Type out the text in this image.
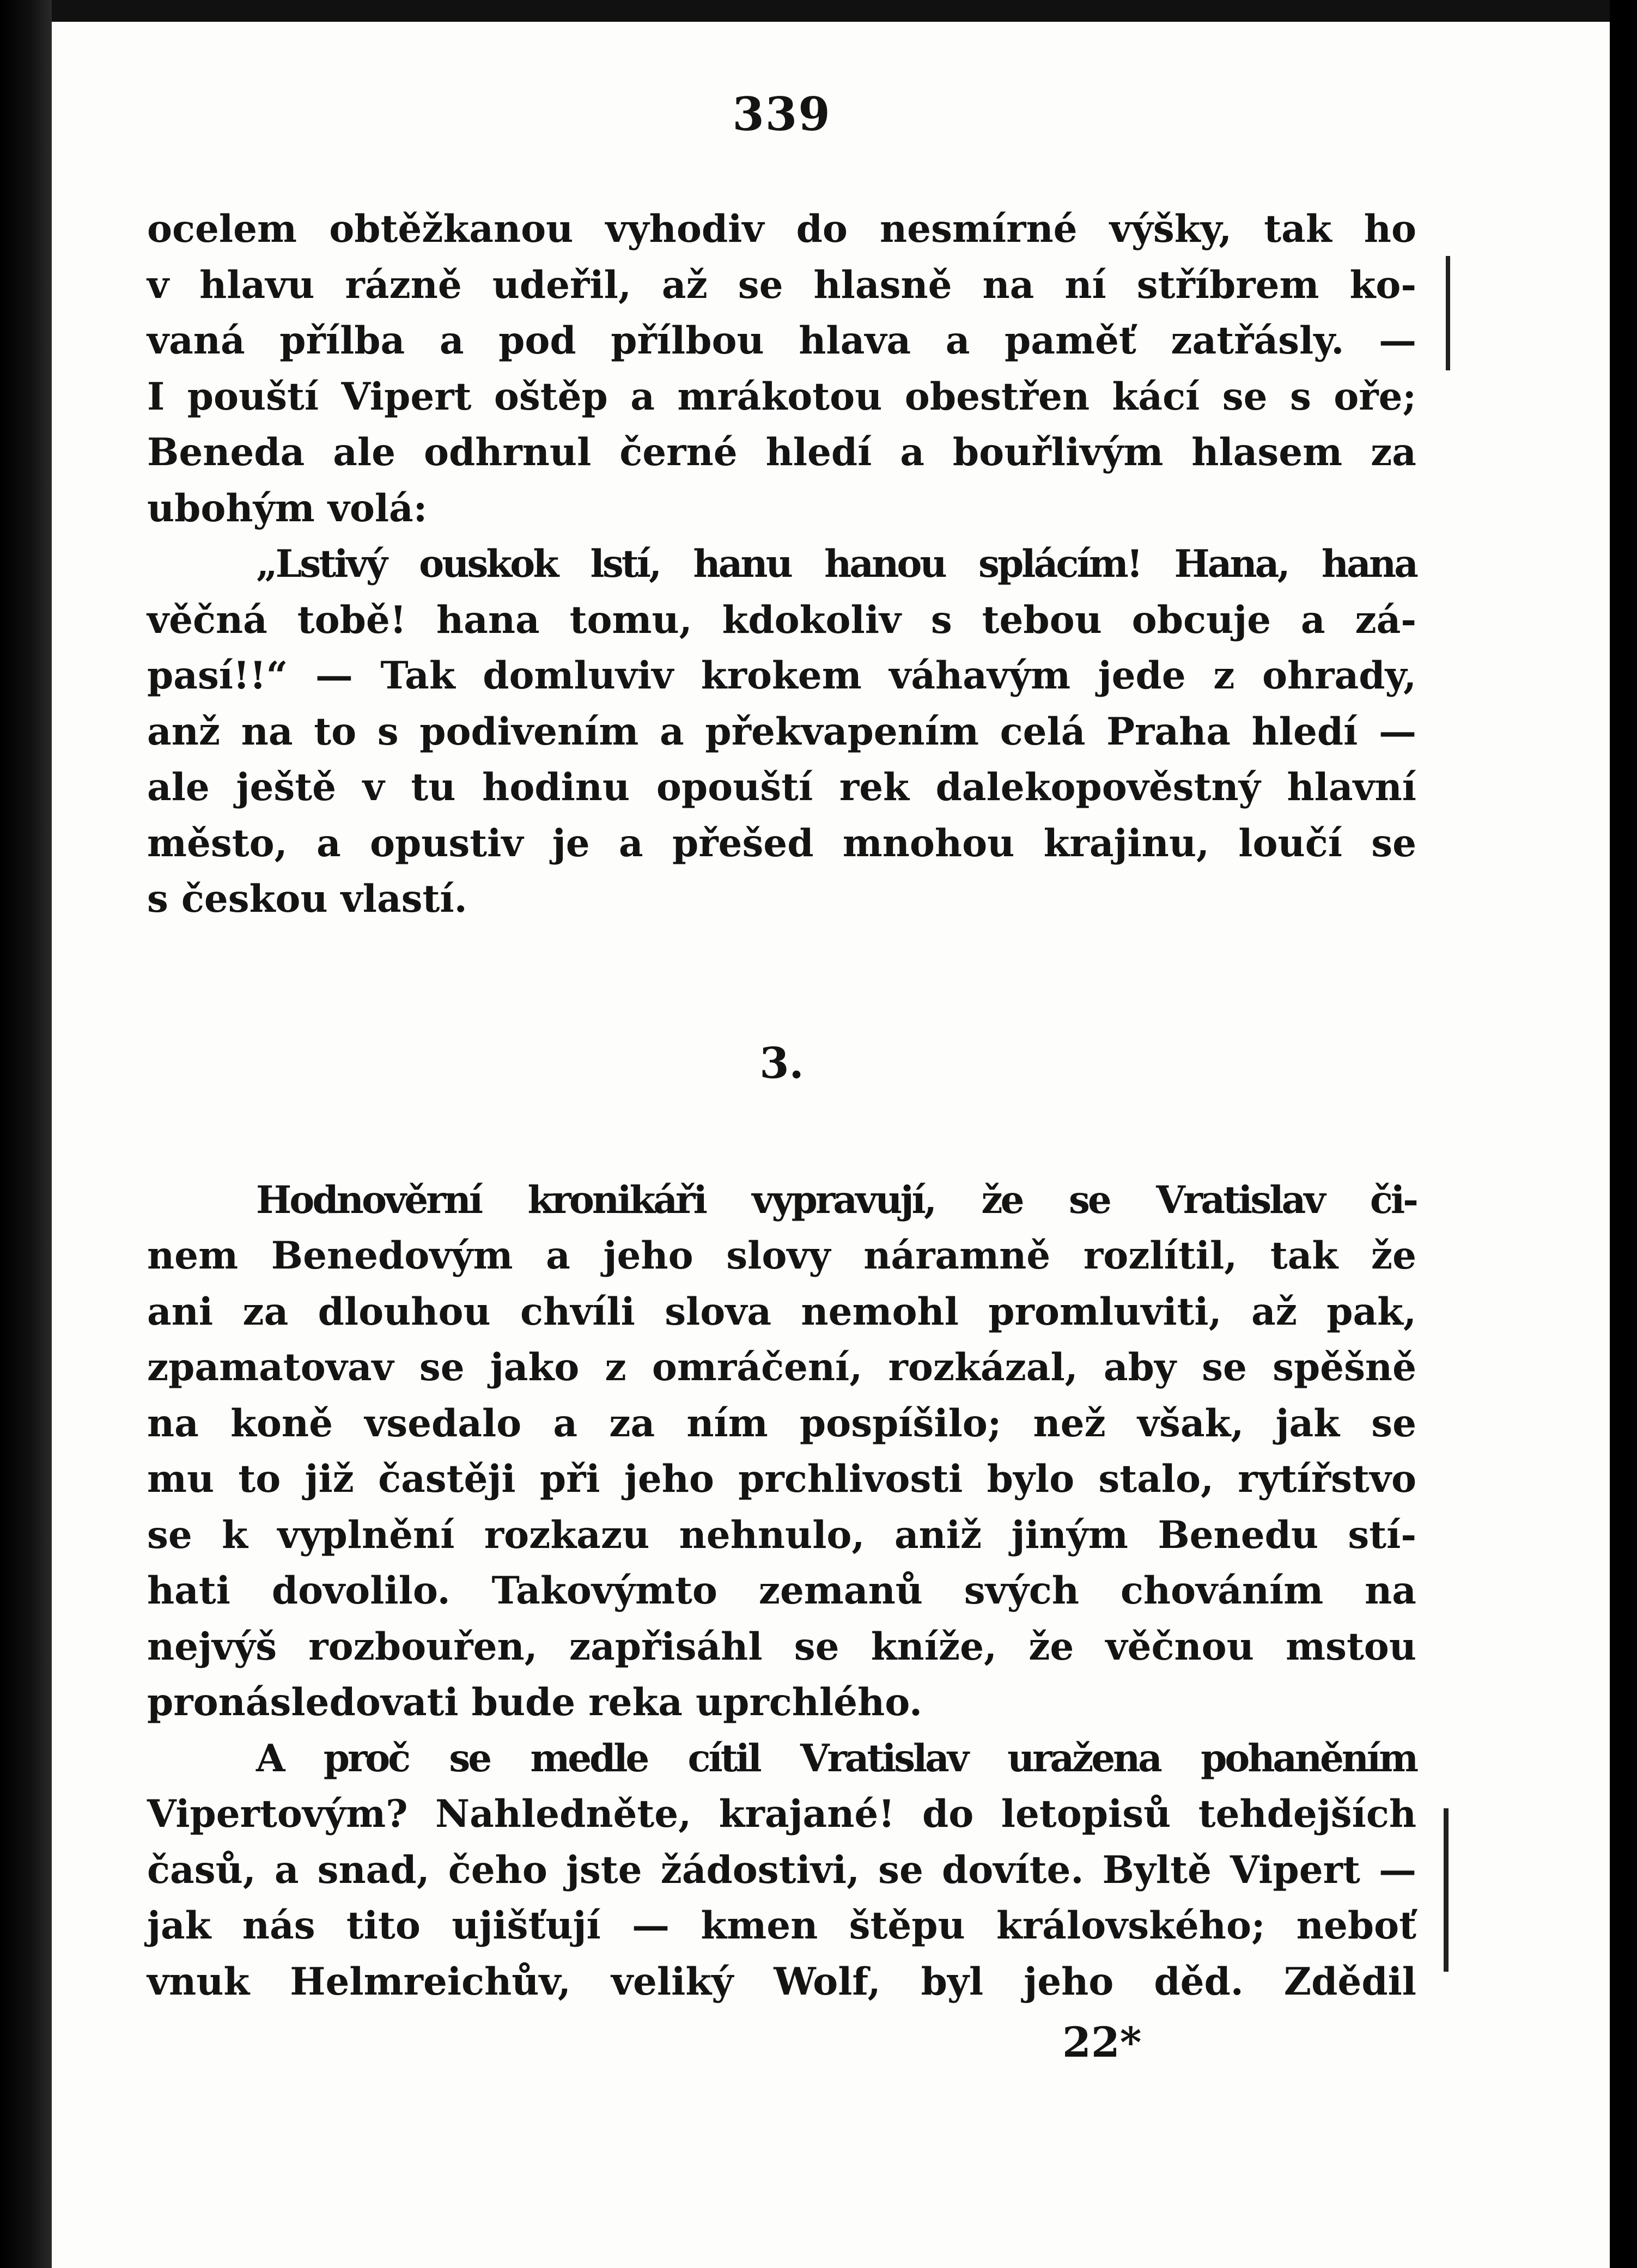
339
ocelem obtěžkanou vyhodiv do nesmírné výšky, tak ho
v hlavu rázně udeřil, až se hlasně na ní stříbrem ko-
vaná přílba a pod přílbou hlava a paměť zatřásly. —
I pouští Vipert oštěp a mrákotou obestřen kácí se s oře;
Beneda ale odhrnul černé hledí a bouřlivým hlasem za
ubohým volá:
„Lstivý ouskok lstí, hanu hanou splácím! Hana, hana
věčná tobě! hana tomu, kdokoliv s tebou obcuje a zá-
pasí!!“ — Tak domluviv krokem váhavým jede z ohrady,
anž na to s podivením a překvapením celá Praha hledí —
ale ještě v tu hodinu opouští rek dalekopověstný hlavní
město, a opustiv je a přešed mnohou krajinu, loučí se
s českou vlastí.
3.
Hodnověrní kronikáři vypravují, že se Vratislav či-
nem Benedovým a jeho slovy náramně rozlítil, tak že
ani za dlouhou chvíli slova nemohl promluviti, až pak,
zpamatovav se jako z omráčení, rozkázal, aby se spěšně
na koně vsedalo a za ním pospíšilo; než však, jak se
mu to již častěji při jeho prchlivosti bylo stalo, rytířstvo
se k vyplnění rozkazu nehnulo, aniž jiným Benedu stí-
hati dovolilo. Takovýmto zemanů svých chováním na
nejvýš rozbouřen, zapřisáhl se kníže, že věčnou mstou
pronásledovati bude reka uprchlého.
A proč se medle cítil Vratislav uražena pohaněním
Vipertovým? Nahledněte, krajané! do letopisů tehdejších
časů, a snad, čeho jste žádostivi, se dovíte. Byltě Vipert —
jak nás tito ujišťují — kmen štěpu královského; neboť
vnuk Helmreichův, veliký Wolf, byl jeho děd. Zdědil
22*
